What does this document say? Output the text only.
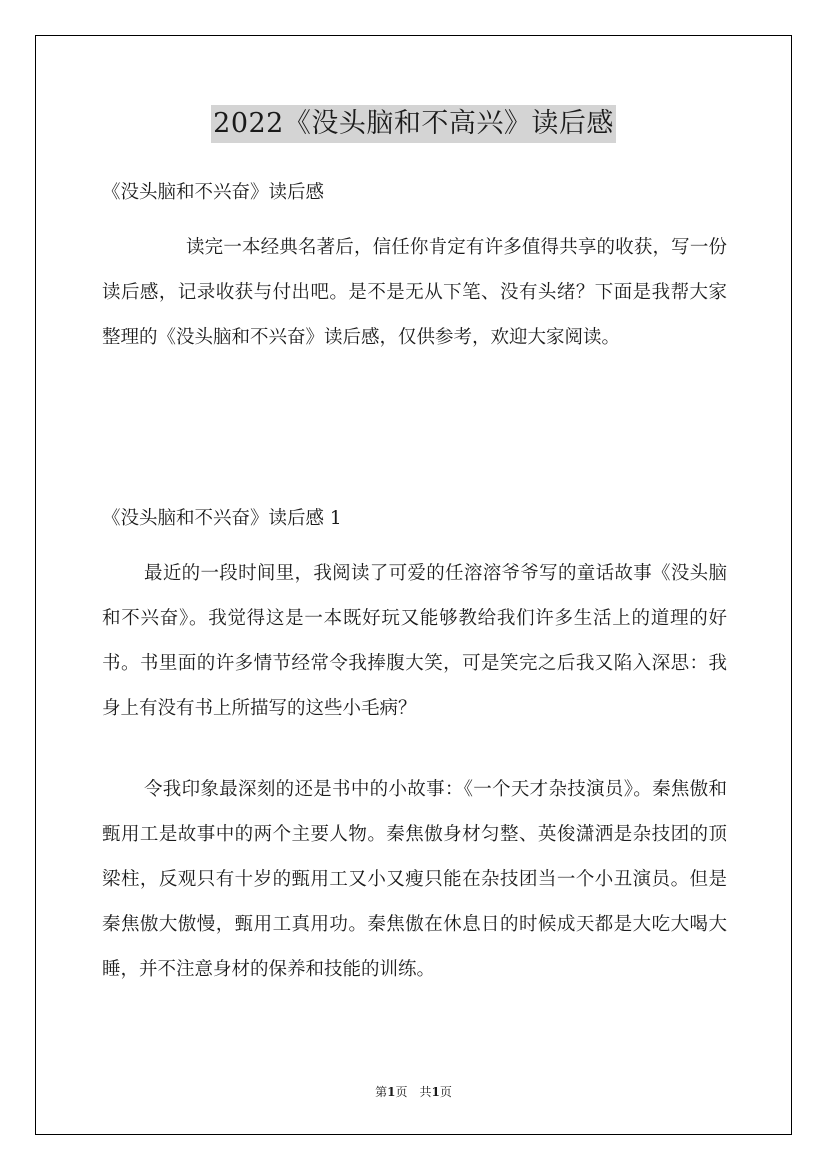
2022《没头脑和不高兴》读后感

《没头脑和不兴奋》读后感

读完一本经典名著后，信任你肯定有许多值得共享的收获，写一份读后感，记录收获与付出吧。是不是无从下笔、没有头绪？下面是我帮大家整理的《没头脑和不兴奋》读后感，仅供参考，欢迎大家阅读。

《没头脑和不兴奋》读后感 1

最近的一段时间里，我阅读了可爱的任溶溶爷爷写的童话故事《没头脑和不兴奋》。我觉得这是一本既好玩又能够教给我们许多生活上的道理的好书。书里面的许多情节经常令我捧腹大笑，可是笑完之后我又陷入深思：我身上有没有书上所描写的这些小毛病？

令我印象最深刻的还是书中的小故事：《一个天才杂技演员》。秦焦傲和甄用工是故事中的两个主要人物。秦焦傲身材匀整、英俊潇洒是杂技团的顶梁柱，反观只有十岁的甄用工又小又瘦只能在杂技团当一个小丑演员。但是秦焦傲大傲慢，甄用工真用功。秦焦傲在休息日的时候成天都是大吃大喝大睡，并不注意身材的保养和技能的训练。

第1页　共1页
